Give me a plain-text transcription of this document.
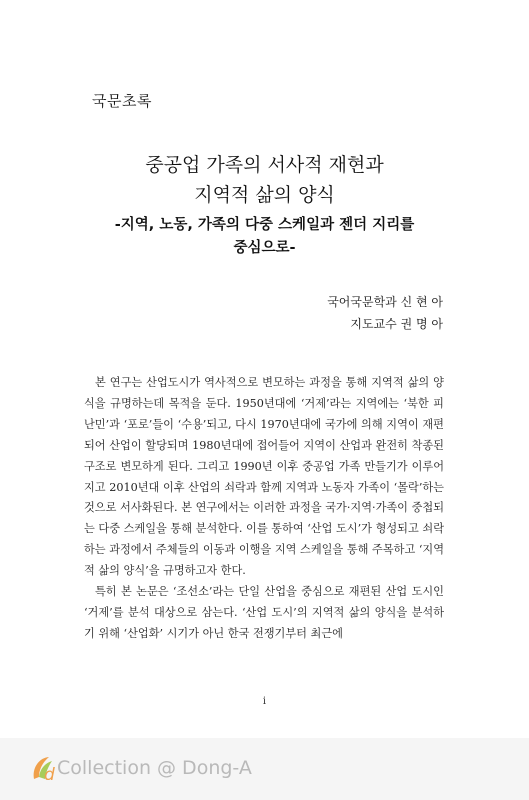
국문초록
중공업 가족의 서사적 재현과
지역적 삶의 양식
-지역, 노동, 가족의 다중 스케일과 젠더 지리를
중심으로-
국어국문학과 신 현 아
지도교수 권 명 아

본 연구는 산업도시가 역사적으로 변모하는 과정을 통해 지역적 삶의 양식을 규명하는데 목적을 둔다. 1950년대에 ‘거제’라는 지역에는 ‘북한 피난민’과 ‘포로’들이 ‘수용’되고, 다시 1970년대에 국가에 의해 지역이 재편되어 산업이 할당되며 1980년대에 접어들어 지역이 산업과 완전히 착종된 구조로 변모하게 된다. 그리고 1990년 이후 중공업 가족 만들기가 이루어지고 2010년대 이후 산업의 쇠락과 함께 지역과 노동자 가족이 ‘몰락’하는 것으로 서사화된다. 본 연구에서는 이러한 과정을 국가·지역·가족이 중첩되는 다중 스케일을 통해 분석한다. 이를 통하여 ‘산업 도시’가 형성되고 쇠락하는 과정에서 주체들의 이동과 이행을 지역 스케일을 통해 주목하고 ‘지역적 삶의 양식’을 규명하고자 한다.

특히 본 논문은 ‘조선소’라는 단일 산업을 중심으로 재편된 산업 도시인 ‘거제’를 분석 대상으로 삼는다. ‘산업 도시’의 지역적 삶의 양식을 분석하기 위해 ‘산업화’ 시기가 아닌 한국 전쟁기부터 최근에

i
d Collection @ Dong-A
